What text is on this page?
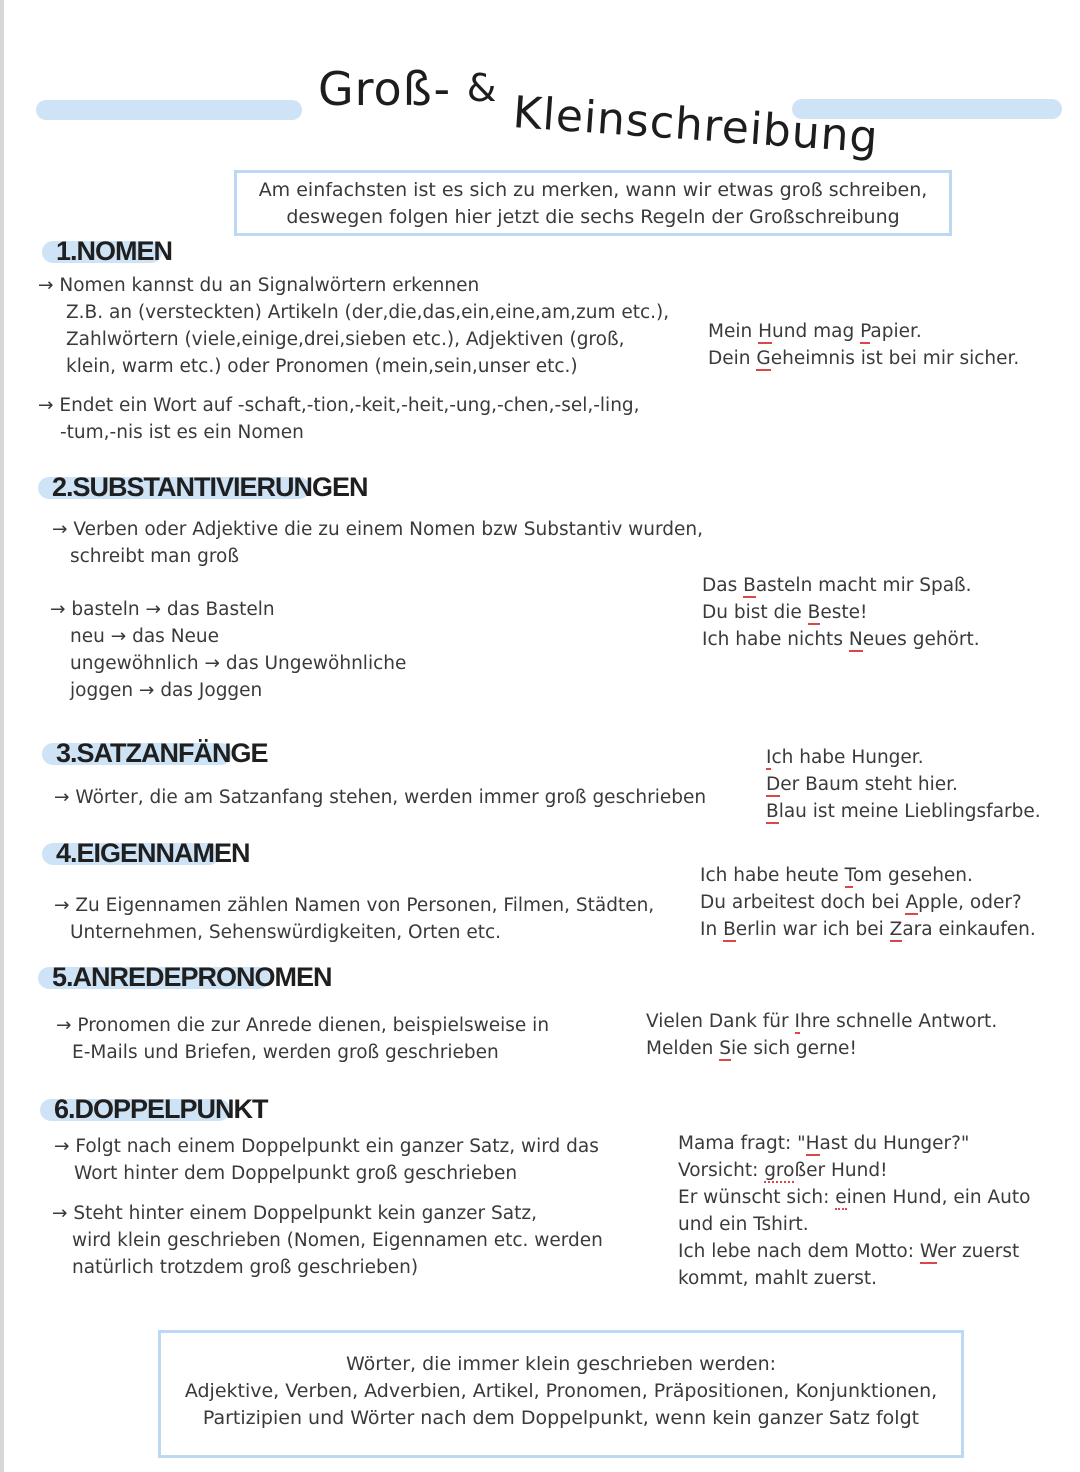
Groß- & Kleinschreibung
Am einfachsten ist es sich zu merken, wann wir etwas groß schreiben,
deswegen folgen hier jetzt die sechs Regeln der Großschreibung
1.NOMEN
→ Nomen kannst du an Signalwörtern erkennen
Z.B. an (versteckten) Artikeln (der,die,das,ein,eine,am,zum etc.),
Zahlwörtern (viele,einige,drei,sieben etc.), Adjektiven (groß,
klein, warm etc.) oder Pronomen (mein,sein,unser etc.)
→ Endet ein Wort auf -schaft,-tion,-keit,-heit,-ung,-chen,-sel,-ling,
-tum,-nis ist es ein Nomen
Mein Hund mag Papier.
Dein Geheimnis ist bei mir sicher.
2.SUBSTANTIVIERUNGEN
→ Verben oder Adjektive die zu einem Nomen bzw Substantiv wurden,
schreibt man groß
→ basteln → das Basteln
neu → das Neue
ungewöhnlich → das Ungewöhnliche
joggen → das Joggen
Das Basteln macht mir Spaß.
Du bist die Beste!
Ich habe nichts Neues gehört.
3.SATZANFÄNGE
→ Wörter, die am Satzanfang stehen, werden immer groß geschrieben
Ich habe Hunger.
Der Baum steht hier.
Blau ist meine Lieblingsfarbe.
4.EIGENNAMEN
→ Zu Eigennamen zählen Namen von Personen, Filmen, Städten,
Unternehmen, Sehenswürdigkeiten, Orten etc.
Ich habe heute Tom gesehen.
Du arbeitest doch bei Apple, oder?
In Berlin war ich bei Zara einkaufen.
5.ANREDEPRONOMEN
→ Pronomen die zur Anrede dienen, beispielsweise in
E-Mails und Briefen, werden groß geschrieben
Vielen Dank für Ihre schnelle Antwort.
Melden Sie sich gerne!
6.DOPPELPUNKT
→ Folgt nach einem Doppelpunkt ein ganzer Satz, wird das
Wort hinter dem Doppelpunkt groß geschrieben
→ Steht hinter einem Doppelpunkt kein ganzer Satz,
wird klein geschrieben (Nomen, Eigennamen etc. werden
natürlich trotzdem groß geschrieben)
Mama fragt: "Hast du Hunger?"
Vorsicht: großer Hund!
Er wünscht sich: einen Hund, ein Auto
und ein Tshirt.
Ich lebe nach dem Motto: Wer zuerst
kommt, mahlt zuerst.
Wörter, die immer klein geschrieben werden:
Adjektive, Verben, Adverbien, Artikel, Pronomen, Präpositionen, Konjunktionen,
Partizipien und Wörter nach dem Doppelpunkt, wenn kein ganzer Satz folgt
